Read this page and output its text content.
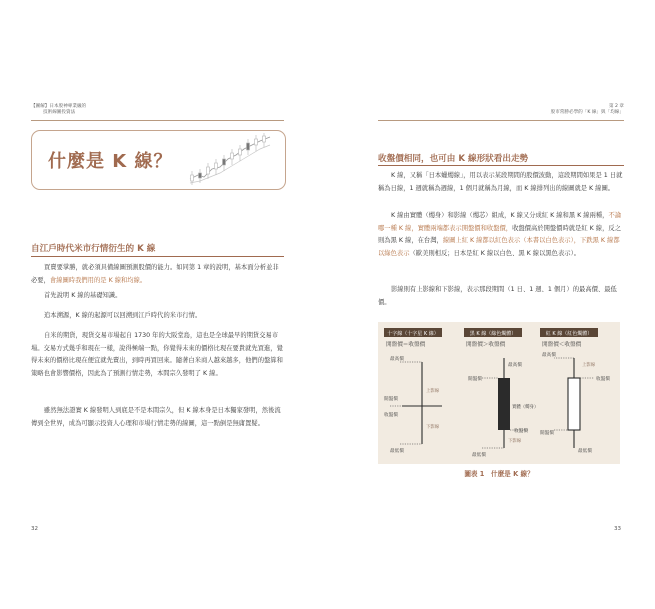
【圖解】日本股神專業級的
技術線圖投資法
什麼是 K 線？
自江戶時代米市行情衍生的 K 線
買賣要掌勝，就必須具備線圖預測股價的能力。如同第 1 章的說明，基本面分析並非必要，會線圖時我們用的是 K 線和均線。
首先說明 K 線的基礎知識。
追本溯源，K 線的起源可以回溯到江戶時代的米市行情。
自米的期貨，現貨交易市場起自 1730 年的大阪堂島，這也是全球最早的期貨交易市場。交易方式幾乎和現在一樣，說得極端一點，你覺得未來的價格比現在要貴就先買進，覺得未來的價格比現在便宜就先賣出，到時再買回來。隨著白米商人越來越多，他們的盤算和策略也會影響價格，因此為了預測行情走勢，本間宗久發明了 K 線。
雖然無法證實 K 線發明人到底是不是本間宗久，但 K 線本身是日本獨家發明，然後流傳到全世界，成為可顯示投資人心理和市場行情走勢的線圖，這一點倒是無庸置疑。
32
第 2 章
股市常勝必學的「K 線」與「均線」
收盤價相同，也可由 K 線形狀看出走勢
K 線，又稱「日本蠟燭線」，用以表示某段期間的股價波動，這段期間如果是 1 日就稱為日線，1 週就稱為週線，1 個月就稱為月線，而 K 線排列出的線圖就是 K 線圖。
K 線由實體（燭身）和影線（燭芯）組成，K 線又分成紅 K 線和黑 K 線兩種，不論哪一種 K 線，實體兩端都表示開盤價和收盤價，收盤價高於開盤價時就是紅 K 線，反之則為黑 K 線，在台灣，線圖上紅 K 線都以紅色表示（本書以白色表示），下跌黑 K 線都以綠色表示（歐美則相反；日本是紅 K 線以白色、黑 K 線以黑色表示）。
影線則有上影線和下影線，表示那段期間（1 日、1 週、1 個月）的最高價、最低價。
十字線（十字星 K 線）	黑 K 線（綠色燭體）	紅 K 線（紅色燭體）
開盤價＝收盤價	開盤價＞收盤價	開盤價＜收盤價
最高價
開盤價
收盤價
最低價
上影線
下影線
開盤價
收盤價
最低價
最高價
實體（燭身）
下影線
收盤價
開盤價
最高價
最低價
上影線
圖表 1　什麼是 K 線？
33
